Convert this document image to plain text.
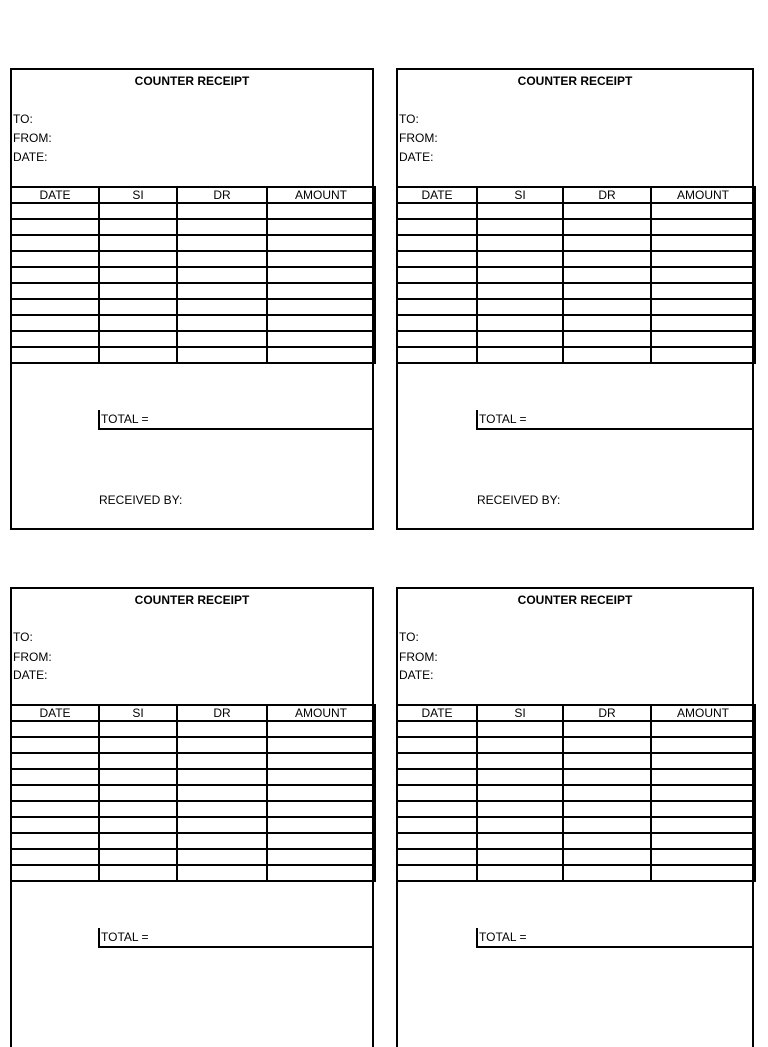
COUNTER RECEIPT
TO:
FROM:
DATE:
DATE	SI	DR	AMOUNT

TOTAL =
RECEIVED BY:
COUNTER RECEIPT
TO:
FROM:
DATE:
DATE	SI	DR	AMOUNT

TOTAL =
RECEIVED BY:
COUNTER RECEIPT
TO:
FROM:
DATE:
DATE	SI	DR	AMOUNT

TOTAL =
COUNTER RECEIPT
TO:
FROM:
DATE:
DATE	SI	DR	AMOUNT

TOTAL =
